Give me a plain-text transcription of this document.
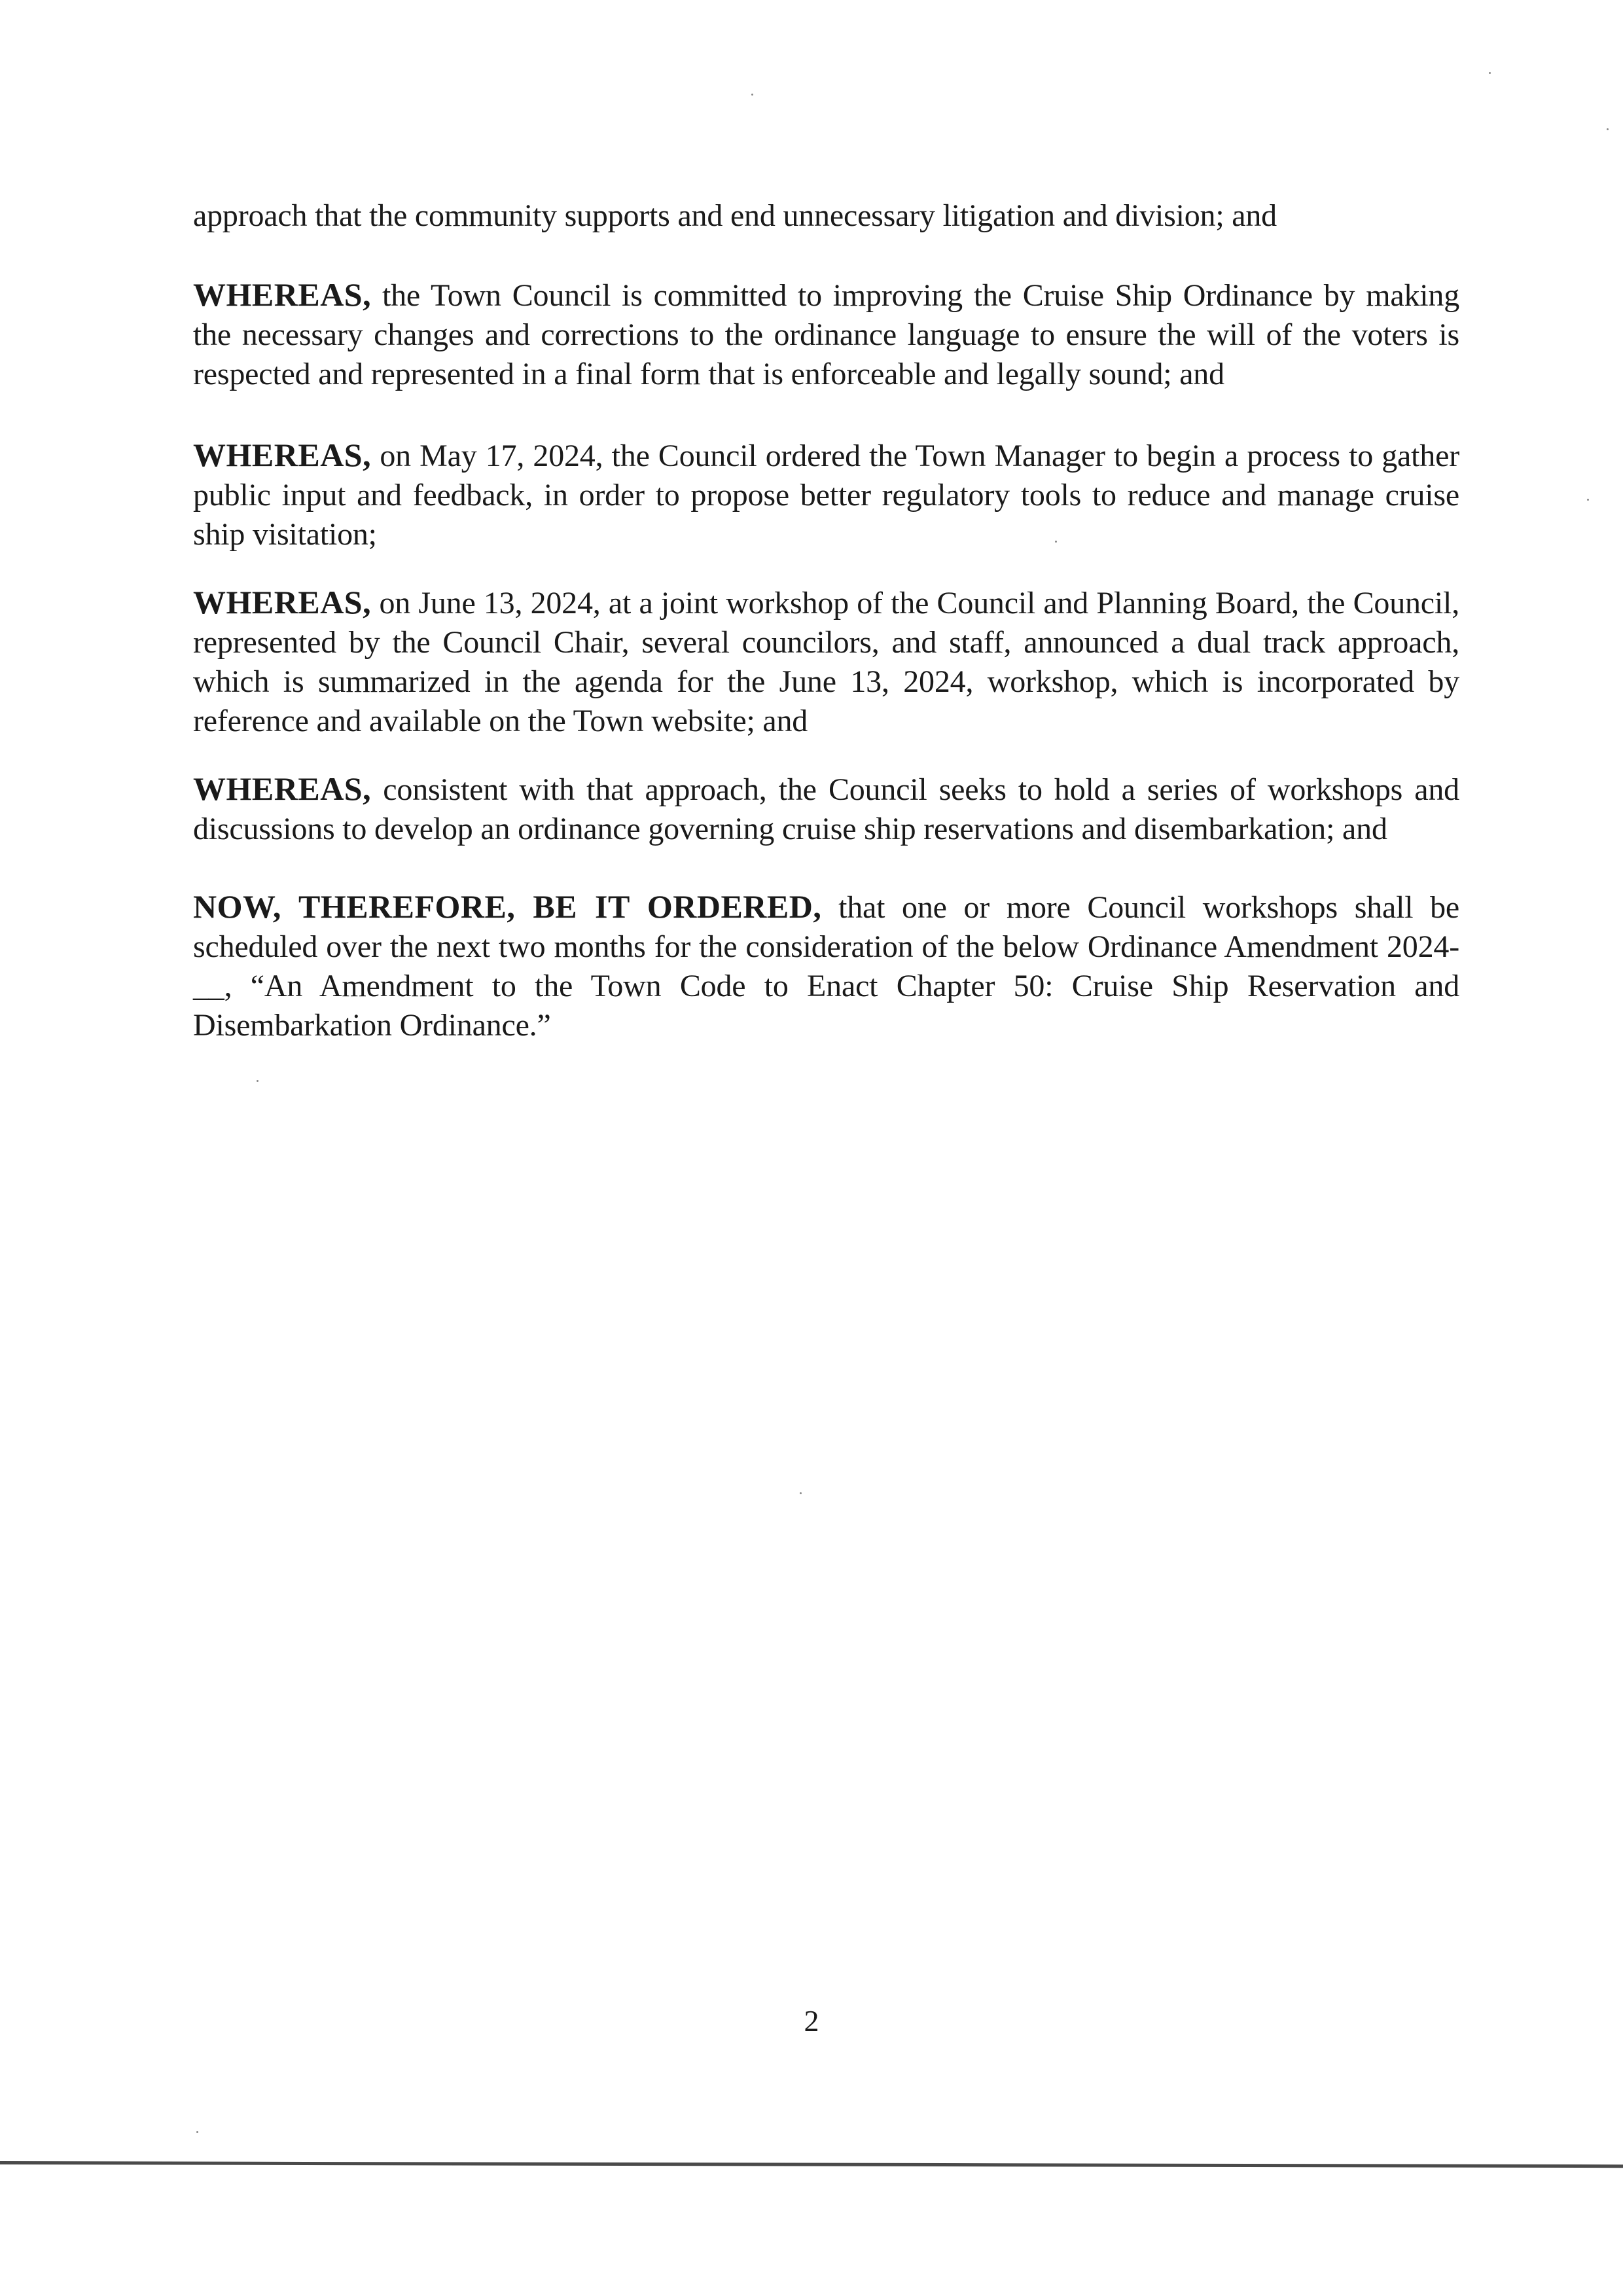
approach that the community supports and end unnecessary litigation and division; and

WHEREAS, the Town Council is committed to improving the Cruise Ship Ordinance by making the necessary changes and corrections to the ordinance language to ensure the will of the voters is respected and represented in a final form that is enforceable and legally sound; and

WHEREAS, on May 17, 2024, the Council ordered the Town Manager to begin a process to gather public input and feedback, in order to propose better regulatory tools to reduce and manage cruise ship visitation;

WHEREAS, on June 13, 2024, at a joint workshop of the Council and Planning Board, the Council, represented by the Council Chair, several councilors, and staff, announced a dual track approach, which is summarized in the agenda for the June 13, 2024, workshop, which is incorporated by reference and available on the Town website; and

WHEREAS, consistent with that approach, the Council seeks to hold a series of workshops and discussions to develop an ordinance governing cruise ship reservations and disembarkation; and

NOW, THEREFORE, BE IT ORDERED, that one or more Council workshops shall be scheduled over the next two months for the consideration of the below Ordinance Amendment 2024-__, “An Amendment to the Town Code to Enact Chapter 50: Cruise Ship Reservation and Disembarkation Ordinance.”

2
